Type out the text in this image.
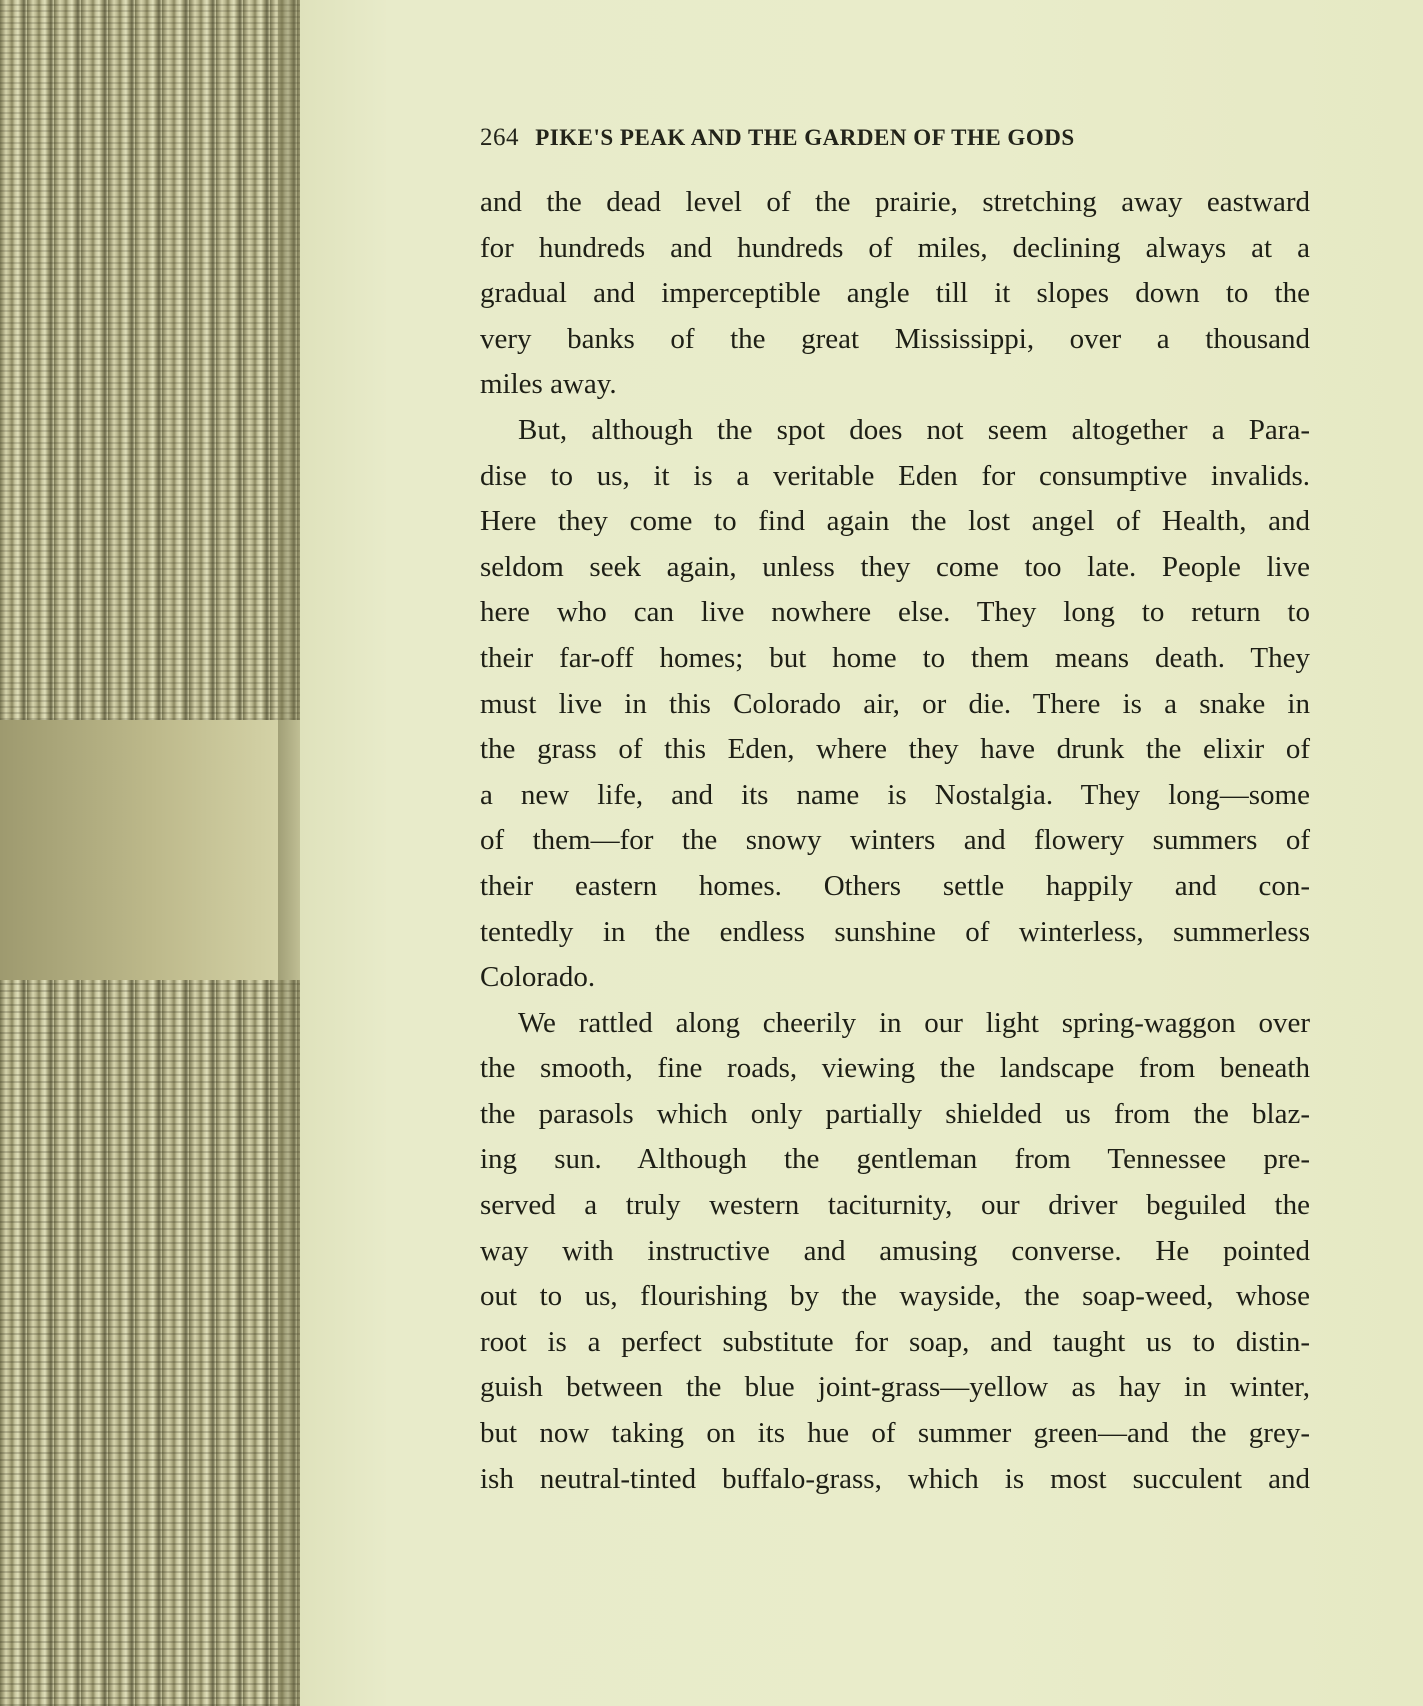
264 PIKE'S PEAK AND THE GARDEN OF THE GODS
and the dead level of the prairie, stretching away eastward
for hundreds and hundreds of miles, declining always at a
gradual and imperceptible angle till it slopes down to the
very banks of the great Mississippi, over a thousand
miles away.
But, although the spot does not seem altogether a Para-
dise to us, it is a veritable Eden for consumptive invalids.
Here they come to find again the lost angel of Health, and
seldom seek again, unless they come too late. People live
here who can live nowhere else. They long to return to
their far-off homes; but home to them means death. They
must live in this Colorado air, or die. There is a snake in
the grass of this Eden, where they have drunk the elixir of
a new life, and its name is Nostalgia. They long—some
of them—for the snowy winters and flowery summers of
their eastern homes. Others settle happily and con-
tentedly in the endless sunshine of winterless, summerless
Colorado.
We rattled along cheerily in our light spring-waggon over
the smooth, fine roads, viewing the landscape from beneath
the parasols which only partially shielded us from the blaz-
ing sun. Although the gentleman from Tennessee pre-
served a truly western taciturnity, our driver beguiled the
way with instructive and amusing converse. He pointed
out to us, flourishing by the wayside, the soap-weed, whose
root is a perfect substitute for soap, and taught us to distin-
guish between the blue joint-grass—yellow as hay in winter,
but now taking on its hue of summer green—and the grey-
ish neutral-tinted buffalo-grass, which is most succulent and
